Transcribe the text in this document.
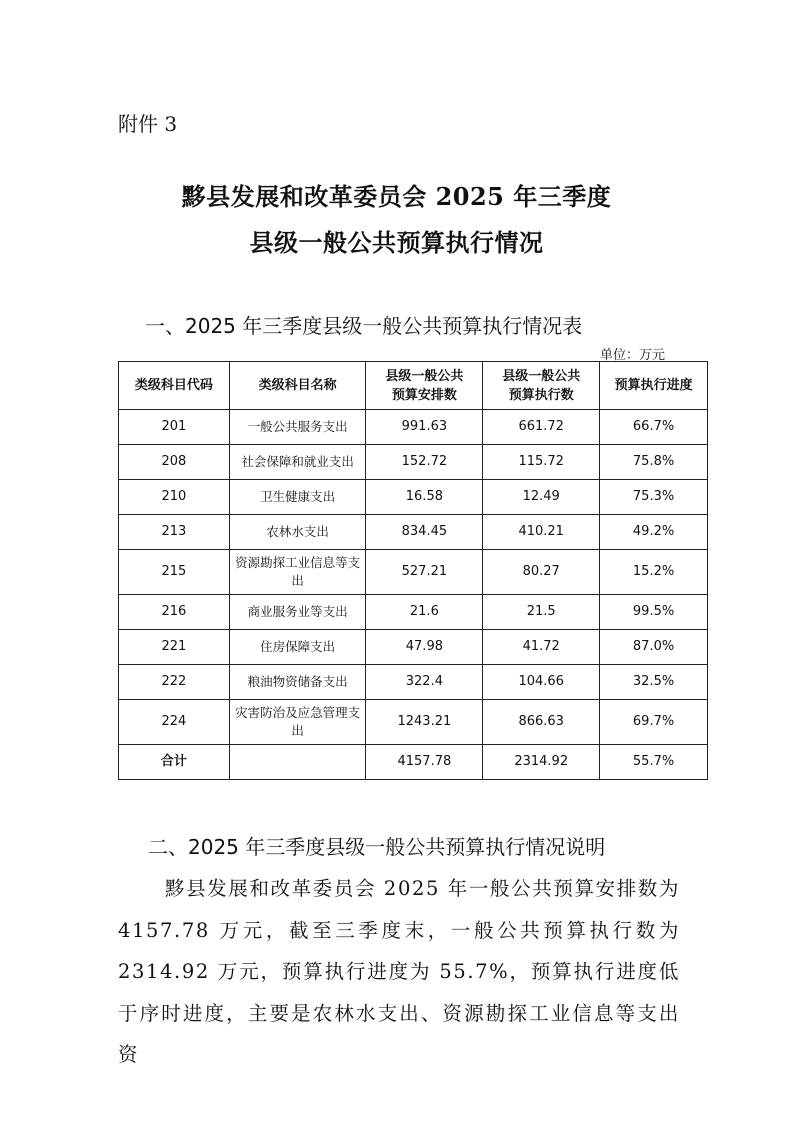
附件 3
黟县发展和改革委员会 2025 年三季度
县级一般公共预算执行情况
一、2025 年三季度县级一般公共预算执行情况表
单位：万元
类级科目代码	类级科目名称	县级一般公共预算安排数	县级一般公共预算执行数	预算执行进度
201	一般公共服务支出	991.63	661.72	66.7%
208	社会保障和就业支出	152.72	115.72	75.8%
210	卫生健康支出	16.58	12.49	75.3%
213	农林水支出	834.45	410.21	49.2%
215	资源勘探工业信息等支出	527.21	80.27	15.2%
216	商业服务业等支出	21.6	21.5	99.5%
221	住房保障支出	47.98	41.72	87.0%
222	粮油物资储备支出	322.4	104.66	32.5%
224	灾害防治及应急管理支出	1243.21	866.63	69.7%
合计		4157.78	2314.92	55.7%
二、2025 年三季度县级一般公共预算执行情况说明
黟县发展和改革委员会 2025 年一般公共预算安排数为 4157.78 万元，截至三季度末，一般公共预算执行数为 2314.92 万元，预算执行进度为 55.7%，预算执行进度低于序时进度，主要是农林水支出、资源勘探工业信息等支出资
